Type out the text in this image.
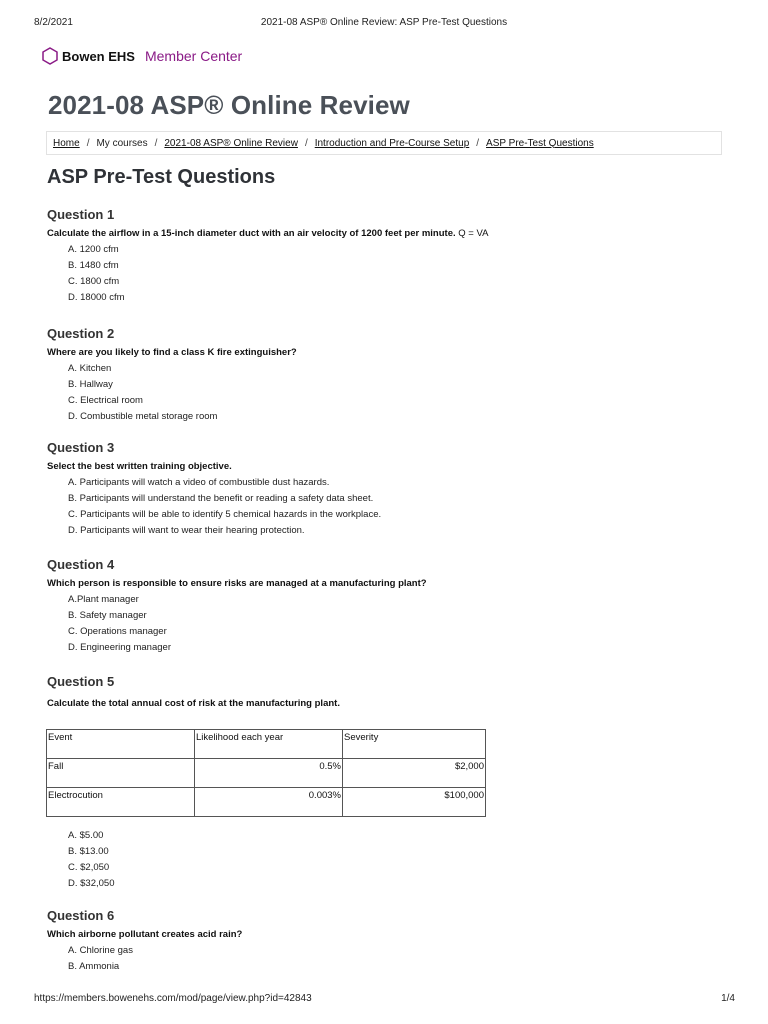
8/2/2021	2021-08 ASP® Online Review: ASP Pre-Test Questions
Bowen EHS Member Center
2021-08 ASP® Online Review
Home / My courses / 2021-08 ASP® Online Review / Introduction and Pre-Course Setup / ASP Pre-Test Questions
ASP Pre-Test Questions
Question 1

Calculate the airflow in a 15-inch diameter duct with an air velocity of 1200 feet per minute. Q = VA

A. 1200 cfm
B. 1480 cfm
C. 1800 cfm
D. 18000 cfm
Question 2

Where are you likely to find a class K fire extinguisher?

A. Kitchen
B. Hallway
C. Electrical room
D. Combustible metal storage room
Question 3

Select the best written training objective.

A. Participants will watch a video of combustible dust hazards.
B. Participants will understand the benefit or reading a safety data sheet.
C. Participants will be able to identify 5 chemical hazards in the workplace.
D. Participants will want to wear their hearing protection.
Question 4

Which person is responsible to ensure risks are managed at a manufacturing plant?

A.Plant manager
B. Safety manager
C. Operations manager
D. Engineering manager
Question 5

Calculate the total annual cost of risk at the manufacturing plant.

Event	Likelihood each year	Severity
Fall	0.5%	$2,000
Electrocution	0.003%	$100,000
A. $5.00
B. $13.00
C. $2,050
D. $32,050
Question 6

Which airborne pollutant creates acid rain?

A. Chlorine gas
B. Ammonia
https://members.bowenehs.com/mod/page/view.php?id=42843	1/4
